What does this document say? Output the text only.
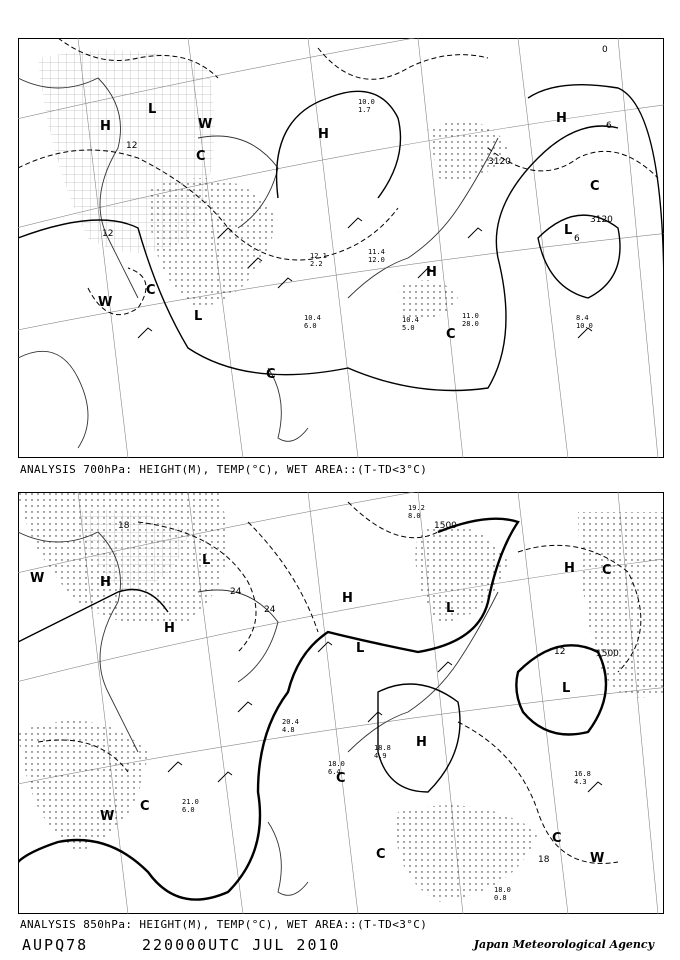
H
L
H
H
H
L
L
C
C
C
C
C
W
W
3120
3120
12
12
6
6
0
10.0
1.7
10.4
6.0
11.0
28.0
8.4
10.0
11.4
12.0
10.4
5.0
12.1
2.2
ANALYSIS 700hPa: HEIGHT(M), TEMP(°C), WET AREA::(T-TD<3°C)
H
H
H
H
H
L
L
L
L
C
C
C
C
C
W
W
W
1500
1500
24
24
18
18
12
19.2
8.0
21.0
6.0
18.0
6.4	16.8
4.3
18.0
0.8
20.4
4.8
18.8
4.9
ANALYSIS 850hPa: HEIGHT(M), TEMP(°C), WET AREA::(T-TD<3°C)
AUPQ78	220000UTC JUL 2010	Japan Meteorological Agency
